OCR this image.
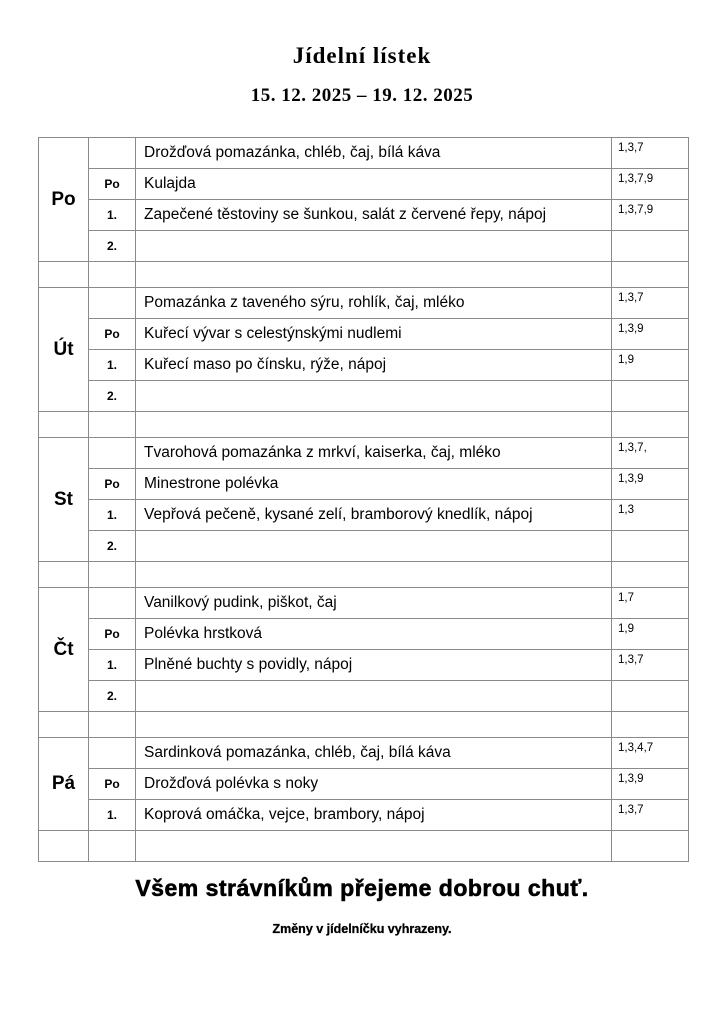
Jídelní lístek
15. 12. 2025 – 19. 12. 2025
Po		Drožďová pomazánka, chléb, čaj, bílá káva	1,3,7
	Po	Kulajda	1,3,7,9
	1.	Zapečené těstoviny se šunkou, salát z červené řepy, nápoj	1,3,7,9
	2.		

Út		Pomazánka z taveného sýru, rohlík, čaj, mléko	1,3,7
	Po	Kuřecí vývar s celestýnskými nudlemi	1,3,9
	1.	Kuřecí maso po čínsku, rýže, nápoj	1,9
	2.		

St		Tvarohová pomazánka z mrkví, kaiserka, čaj, mléko	1,3,7,
	Po	Minestrone polévka	1,3,9
	1.	Vepřová pečeně, kysané zelí, bramborový knedlík, nápoj	1,3
	2.		

Čt		Vanilkový pudink, piškot, čaj	1,7
	Po	Polévka hrstková	1,9
	1.	Plněné buchty s povidly, nápoj	1,3,7
	2.		

Pá		Sardinková pomazánka, chléb, čaj, bílá káva	1,3,4,7
	Po	Drožďová polévka s noky	1,3,9
	1.	Koprová omáčka, vejce, brambory, nápoj	1,3,7

Všem strávníkům přejeme dobrou chuť.
Změny v jídelníčku vyhrazeny.
